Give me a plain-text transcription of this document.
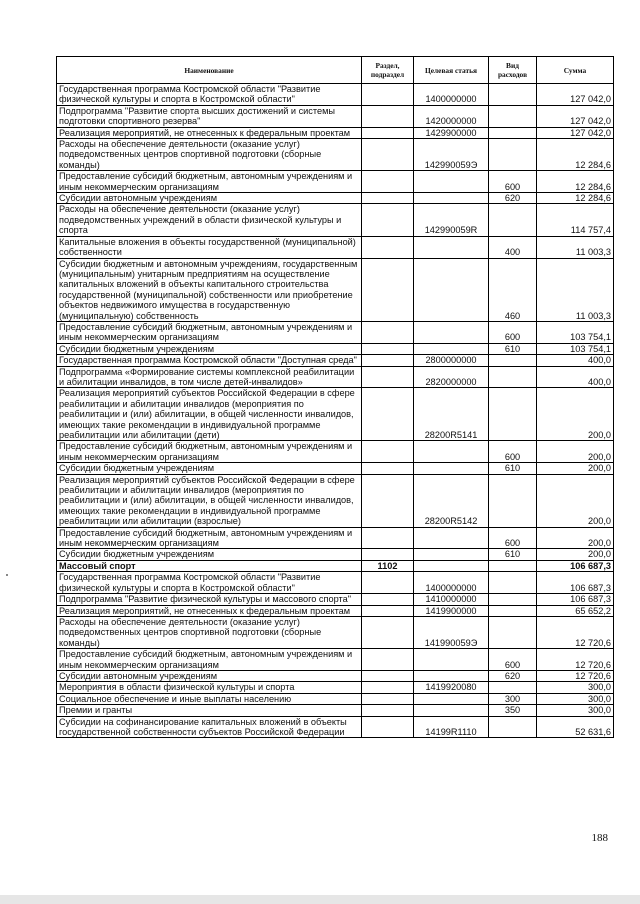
Наименование	Раздел, подраздел	Целевая статья	Вид расходов	Сумма
Государственная программа Костромской области "Развитие физической культуры и спорта в Костромской области"		1400000000		127 042,0
Подпрограмма "Развитие спорта высших достижений и системы подготовки спортивного резерва"		1420000000		127 042,0
Реализация мероприятий, не отнесенных к федеральным проектам		1429900000		127 042,0
Расходы на обеспечение деятельности (оказание услуг) подведомственных центров спортивной подготовки (сборные команды)		142990059Э		12 284,6
Предоставление субсидий бюджетным, автономным учреждениям и иным некоммерческим организациям			600	12 284,6
Субсидии автономным учреждениям			620	12 284,6
Расходы на обеспечение деятельности (оказание услуг) подведомственных учреждений в области физической культуры и спорта		142990059R		114 757,4
Капитальные вложения в объекты государственной (муниципальной) собственности			400	11 003,3
Субсидии бюджетным и автономным учреждениям, государственным (муниципальным) унитарным предприятиям на осуществление капитальных вложений в объекты капитального строительства государственной (муниципальной) собственности или приобретение объектов недвижимого имущества в государственную (муниципальную) собственность			460	11 003,3
Предоставление субсидий бюджетным, автономным учреждениям и иным некоммерческим организациям			600	103 754,1
Субсидии бюджетным учреждениям			610	103 754,1
Государственная программа Костромской области "Доступная среда"		2800000000		400,0
Подпрограмма «Формирование системы комплексной реабилитации и абилитации инвалидов, в том числе детей-инвалидов»		2820000000		400,0
Реализация мероприятий субъектов Российской Федерации в сфере реабилитации и абилитации инвалидов (мероприятия по реабилитации и (или) абилитации, в общей численности инвалидов, имеющих такие рекомендации в индивидуальной программе реабилитации или абилитации (дети)		28200R5141		200,0
Предоставление субсидий бюджетным, автономным учреждениям и иным некоммерческим организациям			600	200,0
Субсидии бюджетным учреждениям			610	200,0
Реализация мероприятий субъектов Российской Федерации в сфере реабилитации и абилитации инвалидов (мероприятия по реабилитации и (или) абилитации, в общей численности инвалидов, имеющих такие рекомендации в индивидуальной программе реабилитации или абилитации (взрослые)		28200R5142		200,0
Предоставление субсидий бюджетным, автономным учреждениям и иным некоммерческим организациям			600	200,0
Субсидии бюджетным учреждениям			610	200,0
Массовый спорт	1102			106 687,3
Государственная программа Костромской области "Развитие физической культуры и спорта в Костромской области"		1400000000		106 687,3
Подпрограмма "Развитие физической культуры и массового спорта"		1410000000		106 687,3
Реализация мероприятий, не отнесенных к федеральным проектам		1419900000		65 652,2
Расходы на обеспечение деятельности (оказание услуг) подведомственных центров спортивной подготовки (сборные команды)		141990059Э		12 720,6
Предоставление субсидий бюджетным, автономным учреждениям и иным некоммерческим организациям			600	12 720,6
Субсидии автономным учреждениям			620	12 720,6
Мероприятия в области физической культуры и спорта		1419920080		300,0
Социальное обеспечение и иные выплаты населению			300	300,0
Премии и гранты			350	300,0
Субсидии на софинансирование капитальных вложений в объекты государственной собственности субъектов Российской Федерации		14199R1110		52 631,6
188
